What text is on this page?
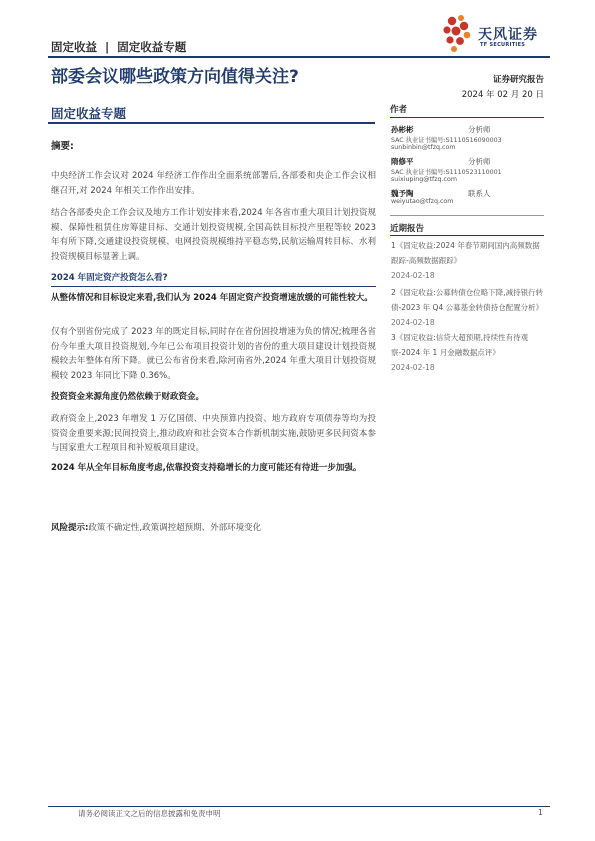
固定收益 | 固定收益专题
天风证券
TF SECURITIES
部委会议哪些政策方向值得关注?	证券研究报告
2024 年 02 月 20 日
固定收益专题
摘要:
中央经济工作会议对 2024 年经济工作作出全面系统部署后,各部委和央企工作会议相继召开,对 2024 年相关工作作出安排。
结合各部委央企工作会议及地方工作计划安排来看,2024 年各省市重大项目计划投资规模、保障性租赁住房筹建目标、交通计划投资规模,全国高铁目标投产里程等较 2023 年有所下降,交通建设投资规模、电网投资规模维持平稳态势,民航运输周转目标、水利投资规模目标显著上调。
2024 年固定资产投资怎么看?
从整体情况和目标设定来看,我们认为 2024 年固定资产投资增速放缓的可能性较大。
仅有个别省份完成了 2023 年的既定目标,同时存在省份固投增速为负的情况;梳理各省份今年重大项目投资规划,今年已公布项目投资计划的省份的重大项目建设计划投资规模较去年整体有所下降。就已公布省份来看,除河南省外,2024 年重大项目计划投资规模较 2023 年同比下降 0.36%。
投资资金来源角度仍然依赖于财政资金。
政府资金上,2023 年增发 1 万亿国债、中央预算内投资、地方政府专项债券等均为投资资金重要来源;民间投资上,推动政府和社会资本合作新机制实施,鼓励更多民间资本参与国家重大工程项目和补短板项目建设。
2024 年从全年目标角度考虑,依靠投资支持稳增长的力度可能还有待进一步加强。
风险提示:政策不确定性,政策调控超预期、外部环境变化
作者
孙彬彬	分析师
SAC 执业证书编号:S1110516090003
sunbinbin@tfzq.com
隋修平	分析师
SAC 执业证书编号:S1110523110001
suixiuping@tfzq.com
魏予陶	联系人
weiyutao@tfzq.com
近期报告
1《固定收益:2024 年春节期间国内高频数据跟踪-高频数据跟踪》
2024-02-18
2《固定收益:公募转债仓位略下降,减持银行转债-2023 年 Q4 公募基金转债持仓配置分析》
2024-02-18
3《固定收益:信贷大超预期,持续性有待观察-2024 年 1 月金融数据点评》
2024-02-18
请务必阅读正文之后的信息披露和免责申明	1
